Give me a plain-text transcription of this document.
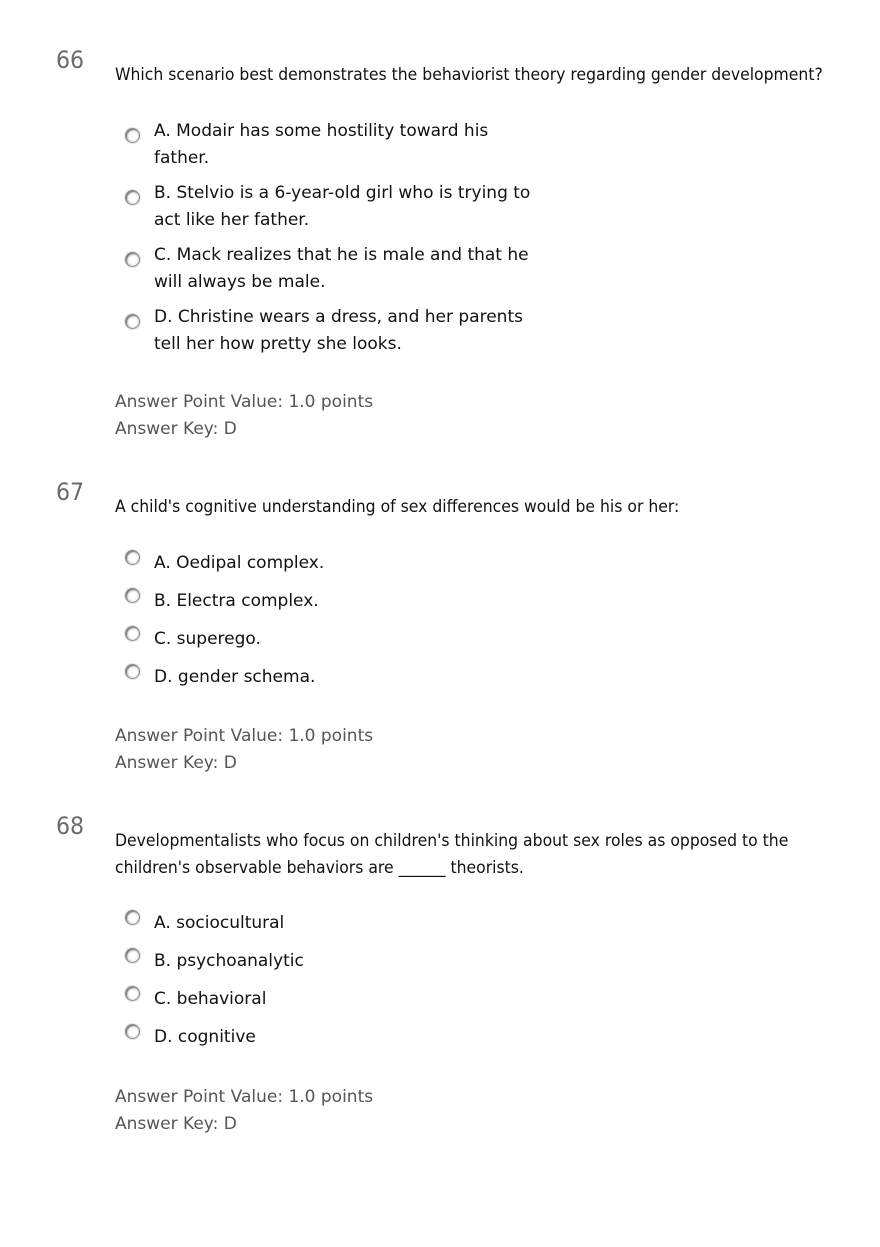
66
Which scenario best demonstrates the behaviorist theory regarding gender development?
A. Modair has some hostility toward his father.
B. Stelvio is a 6-year-old girl who is trying to act like her father.
C. Mack realizes that he is male and that he will always be male.
D. Christine wears a dress, and her parents tell her how pretty she looks.
Answer Point Value: 1.0 points
Answer Key: D
67
A child's cognitive understanding of sex differences would be his or her:
A. Oedipal complex.
B. Electra complex.
C. superego.
D. gender schema.
Answer Point Value: 1.0 points
Answer Key: D
68
Developmentalists who focus on children's thinking about sex roles as opposed to the children's observable behaviors are ______ theorists.
A. sociocultural
B. psychoanalytic
C. behavioral
D. cognitive
Answer Point Value: 1.0 points
Answer Key: D
